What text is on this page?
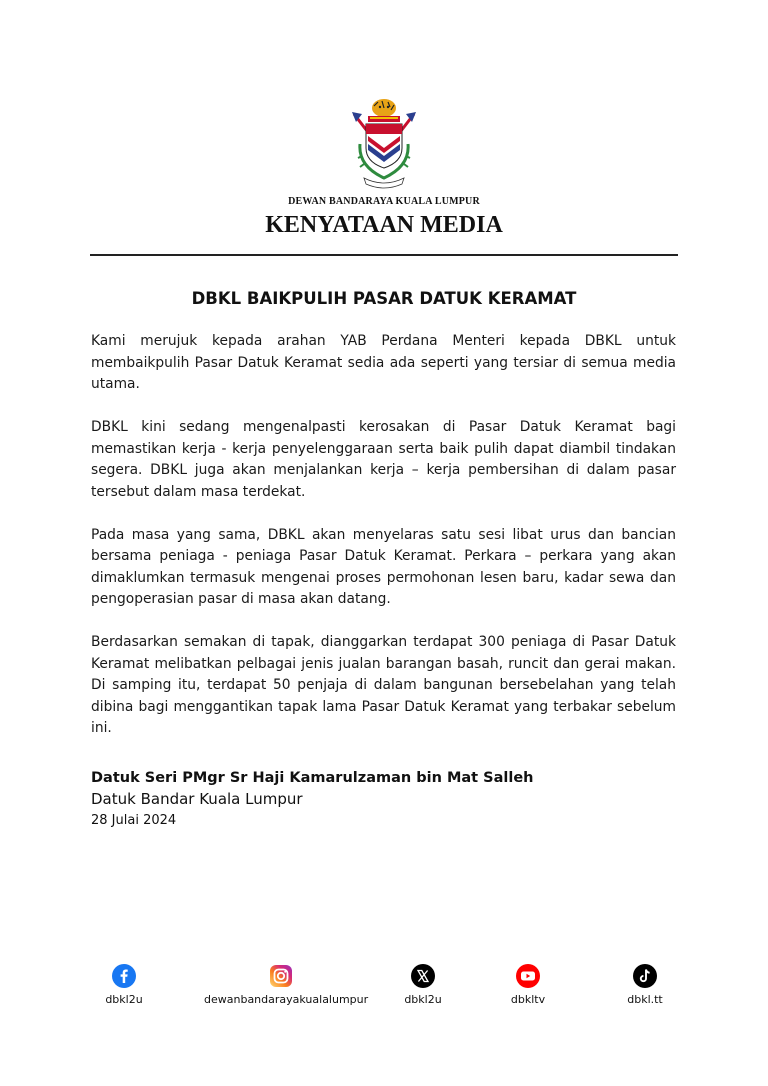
DEWAN BANDARAYA KUALA LUMPUR
KENYATAAN MEDIA
DBKL BAIKPULIH PASAR DATUK KERAMAT

Kami merujuk kepada arahan YAB Perdana Menteri kepada DBKL untuk membaikpulih Pasar Datuk Keramat sedia ada seperti yang tersiar di semua media utama.

DBKL kini sedang mengenalpasti kerosakan di Pasar Datuk Keramat bagi memastikan kerja - kerja penyelenggaraan serta baik pulih dapat diambil tindakan segera. DBKL juga akan menjalankan kerja – kerja pembersihan di dalam pasar tersebut dalam masa terdekat.

Pada masa yang sama, DBKL akan menyelaras satu sesi libat urus dan bancian bersama peniaga - peniaga Pasar Datuk Keramat. Perkara – perkara yang akan dimaklumkan termasuk mengenai proses permohonan lesen baru, kadar sewa dan pengoperasian pasar di masa akan datang.

Berdasarkan semakan di tapak, dianggarkan terdapat 300 peniaga di Pasar Datuk Keramat melibatkan pelbagai jenis jualan barangan basah, runcit dan gerai makan. Di samping itu, terdapat 50 penjaja di dalam bangunan bersebelahan yang telah dibina bagi menggantikan tapak lama Pasar Datuk Keramat yang terbakar sebelum ini.

Datuk Seri PMgr Sr Haji Kamarulzaman bin Mat Salleh
Datuk Bandar Kuala Lumpur
28 Julai 2024
dbkl2u	dewanbandarayakualalumpur	dbkl2u	dbkltv	dbkl.tt
